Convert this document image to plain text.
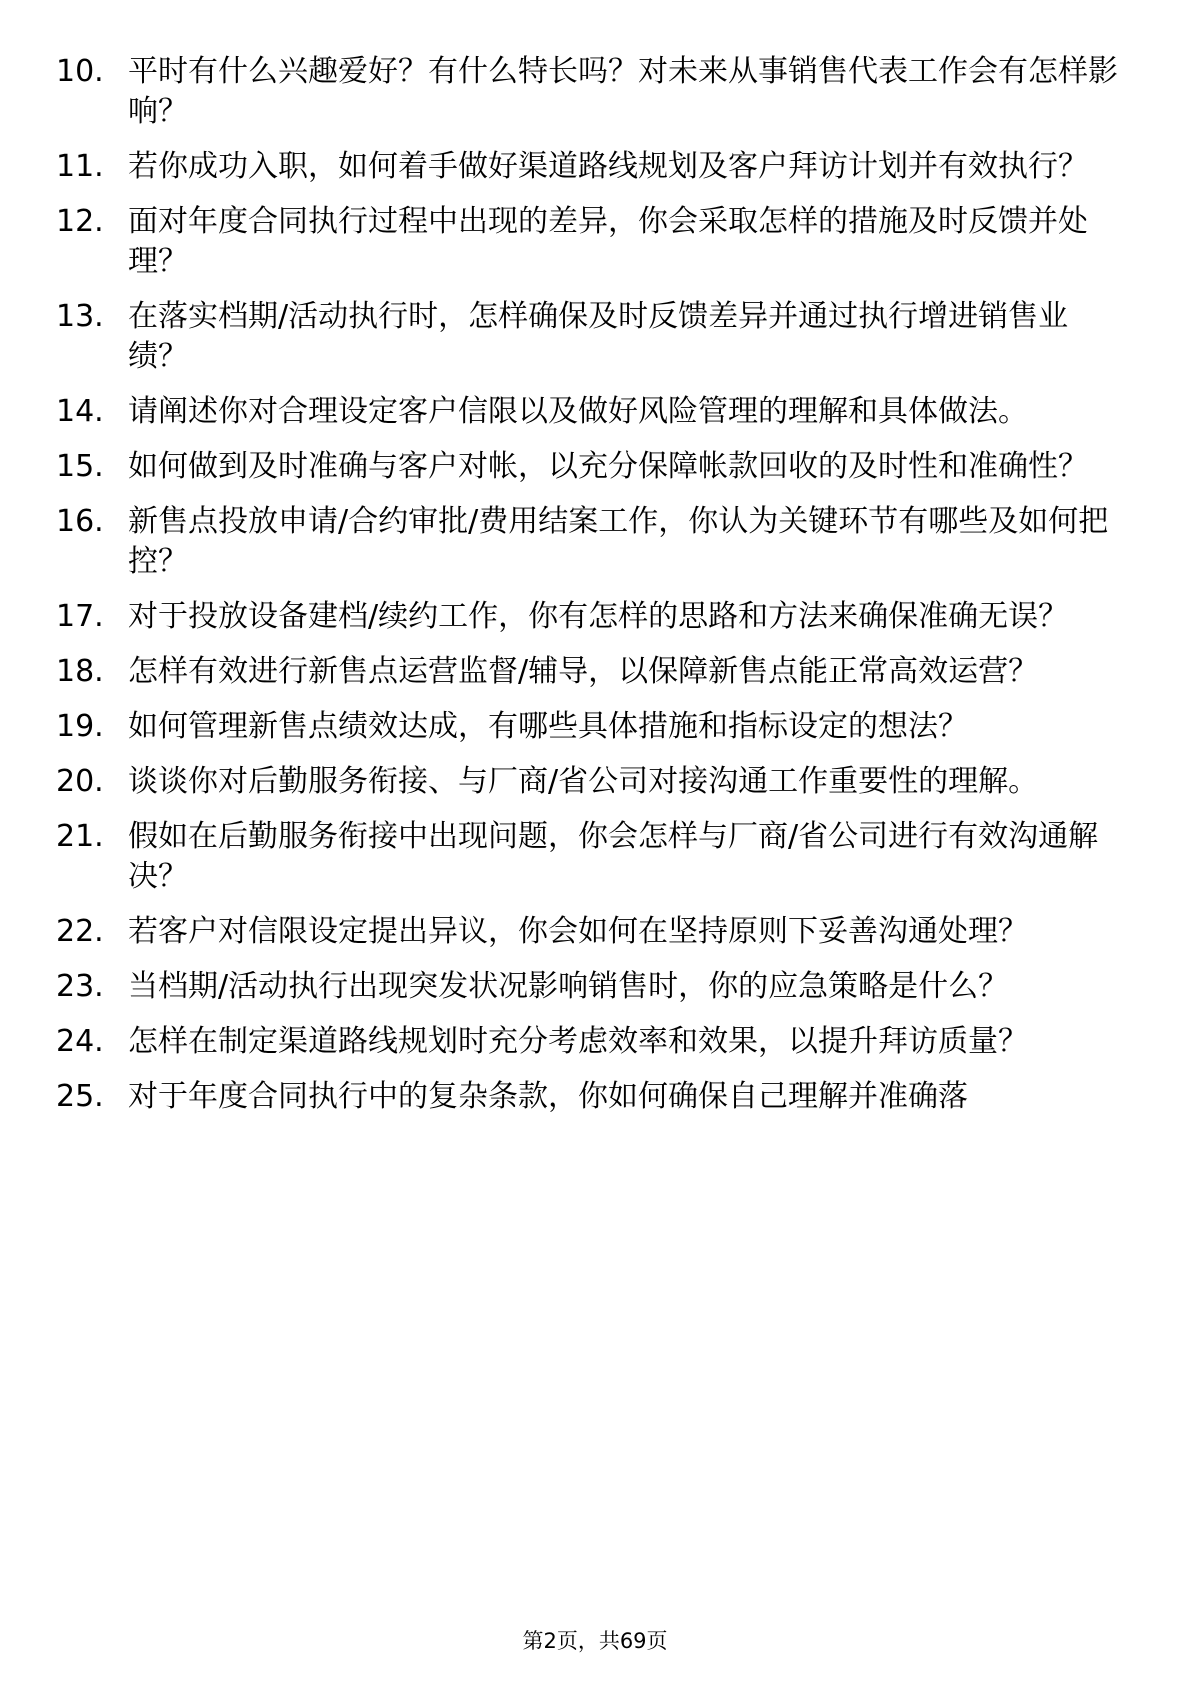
10. 平时有什么兴趣爱好？有什么特长吗？对未来从事销售代表工作会有怎样影响？
11. 若你成功入职，如何着手做好渠道路线规划及客户拜访计划并有效执行？
12. 面对年度合同执行过程中出现的差异，你会采取怎样的措施及时反馈并处理？
13. 在落实档期/活动执行时，怎样确保及时反馈差异并通过执行增进销售业绩？
14. 请阐述你对合理设定客户信限以及做好风险管理的理解和具体做法。
15. 如何做到及时准确与客户对帐，以充分保障帐款回收的及时性和准确性？
16. 新售点投放申请/合约审批/费用结案工作，你认为关键环节有哪些及如何把控？
17. 对于投放设备建档/续约工作，你有怎样的思路和方法来确保准确无误？
18. 怎样有效进行新售点运营监督/辅导，以保障新售点能正常高效运营？
19. 如何管理新售点绩效达成，有哪些具体措施和指标设定的想法？
20. 谈谈你对后勤服务衔接、与厂商/省公司对接沟通工作重要性的理解。
21. 假如在后勤服务衔接中出现问题，你会怎样与厂商/省公司进行有效沟通解决？
22. 若客户对信限设定提出异议，你会如何在坚持原则下妥善沟通处理？
23. 当档期/活动执行出现突发状况影响销售时，你的应急策略是什么？
24. 怎样在制定渠道路线规划时充分考虑效率和效果，以提升拜访质量？
25. 对于年度合同执行中的复杂条款，你如何确保自己理解并准确落
第2页，共69页
